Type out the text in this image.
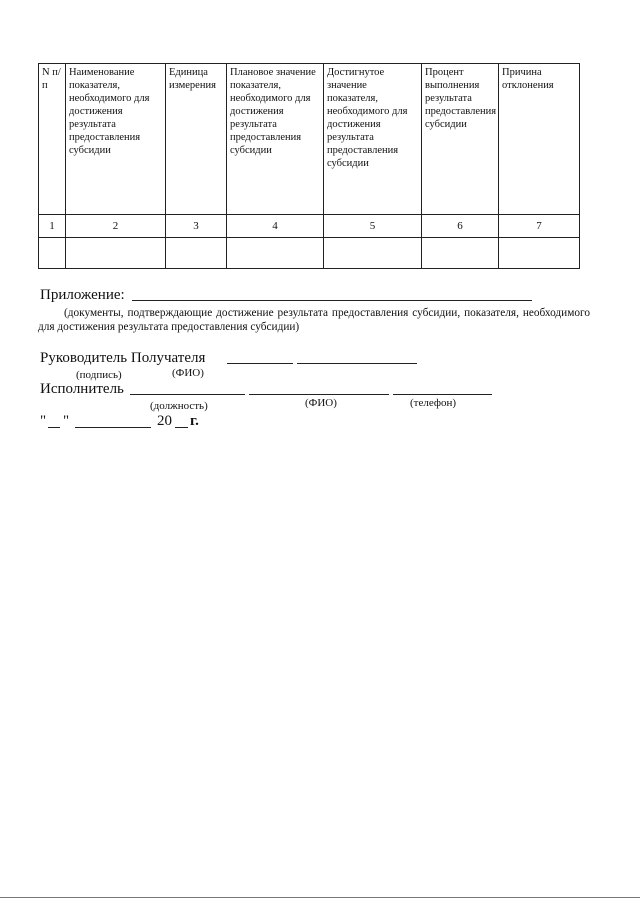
N п/п	Наименование показателя, необходимого для достижения результата предоставления субсидии	Единица измерения	Плановое значение показателя, необходимого для достижения результата предоставления субсидии	Достигнутое значение показателя, необходимого для достижения результата предоставления субсидии	Процент выполнения результата предоставления субсидии	Причина отклонения
1	2	3	4	5	6	7

Приложение:
(документы, подтверждающие достижение результата предоставления субсидии, показателя, необходимого для достижения результата предоставления субсидии)
Руководитель Получателя
(подпись)	(ФИО)
Исполнитель
(должность)	(ФИО)	(телефон)
" "	20 г.
